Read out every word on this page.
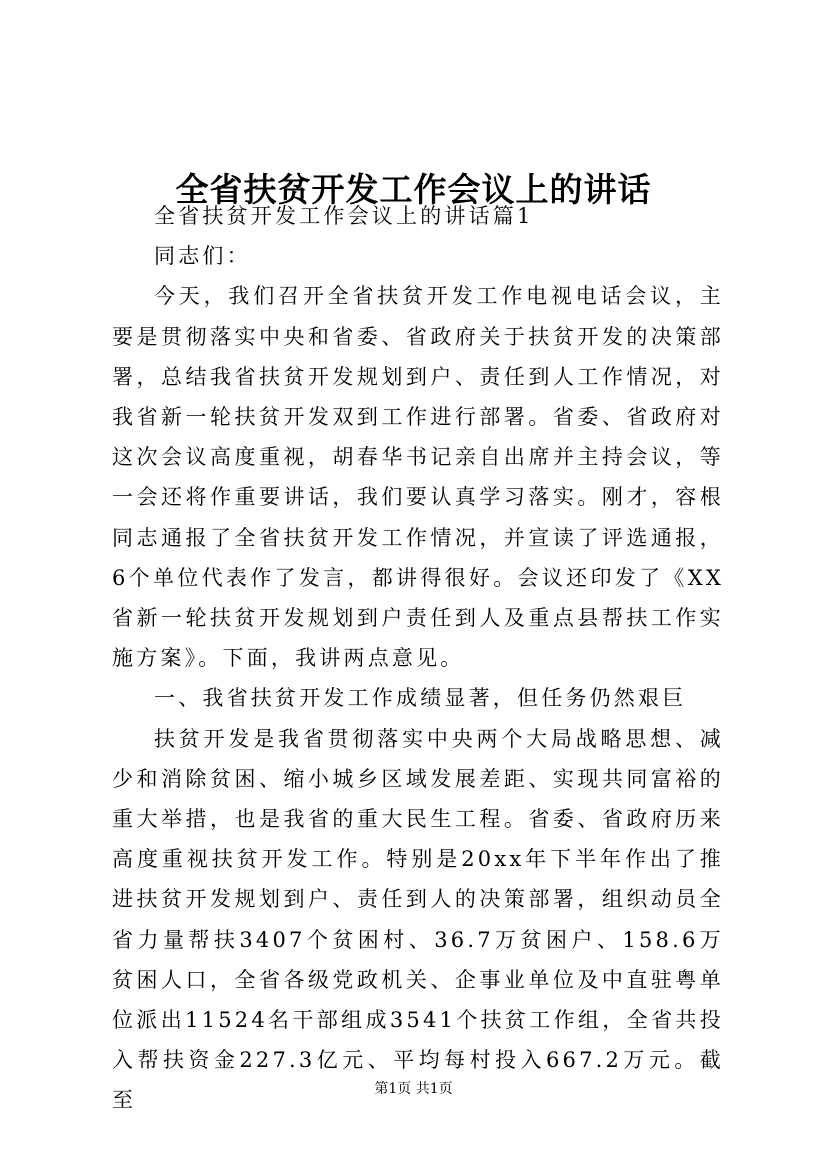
全省扶贫开发工作会议上的讲话

全省扶贫开发工作会议上的讲话篇1

同志们：

今天，我们召开全省扶贫开发工作电视电话会议，主要是贯彻落实中央和省委、省政府关于扶贫开发的决策部署，总结我省扶贫开发规划到户、责任到人工作情况，对我省新一轮扶贫开发双到工作进行部署。省委、省政府对这次会议高度重视，胡春华书记亲自出席并主持会议，等一会还将作重要讲话，我们要认真学习落实。刚才，容根同志通报了全省扶贫开发工作情况，并宣读了评选通报，6个单位代表作了发言，都讲得很好。会议还印发了《XX省新一轮扶贫开发规划到户责任到人及重点县帮扶工作实施方案》。下面，我讲两点意见。

一、我省扶贫开发工作成绩显著，但任务仍然艰巨

扶贫开发是我省贯彻落实中央两个大局战略思想、减少和消除贫困、缩小城乡区域发展差距、实现共同富裕的重大举措，也是我省的重大民生工程。省委、省政府历来高度重视扶贫开发工作。特别是20xx年下半年作出了推进扶贫开发规划到户、责任到人的决策部署，组织动员全省力量帮扶3407个贫困村、36.7万贫困户、158.6万贫困人口，全省各级党政机关、企事业单位及中直驻粤单位派出11524名干部组成3541个扶贫工作组，全省共投入帮扶资金227.3亿元、平均每村投入667.2万元。截至	第1页 共1页
